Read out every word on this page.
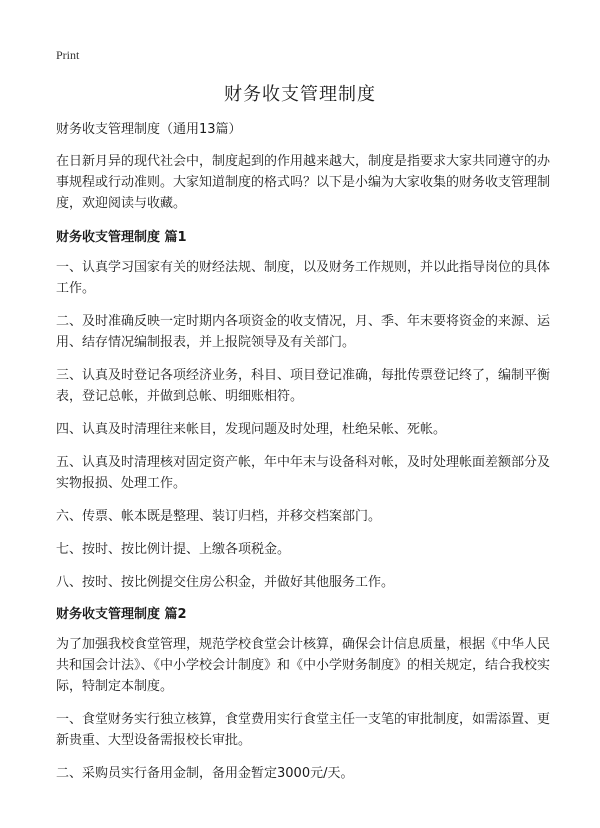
Print
财务收支管理制度

财务收支管理制度（通用13篇）

在日新月异的现代社会中，制度起到的作用越来越大，制度是指要求大家共同遵守的办事规程或行动准则。大家知道制度的格式吗？以下是小编为大家收集的财务收支管理制度，欢迎阅读与收藏。

财务收支管理制度 篇1

一、认真学习国家有关的财经法规、制度，以及财务工作规则，并以此指导岗位的具体工作。

二、及时准确反映一定时期内各项资金的收支情况，月、季、年末要将资金的来源、运用、结存情况编制报表，并上报院领导及有关部门。

三、认真及时登记各项经济业务，科目、项目登记准确，每批传票登记终了，编制平衡表，登记总帐，并做到总帐、明细账相符。

四、认真及时清理往来帐目，发现问题及时处理，杜绝呆帐、死帐。

五、认真及时清理核对固定资产帐，年中年末与设备科对帐，及时处理帐面差额部分及实物报损、处理工作。

六、传票、帐本既是整理、装订归档，并移交档案部门。

七、按时、按比例计提、上缴各项税金。

八、按时、按比例提交住房公积金，并做好其他服务工作。

财务收支管理制度 篇2

为了加强我校食堂管理，规范学校食堂会计核算，确保会计信息质量，根据《中华人民共和国会计法》、《中小学校会计制度》和《中小学财务制度》的相关规定，结合我校实际，特制定本制度。

一、食堂财务实行独立核算，食堂费用实行食堂主任一支笔的审批制度，如需添置、更新贵重、大型设备需报校长审批。

二、采购员实行备用金制，备用金暂定3000元/天。
